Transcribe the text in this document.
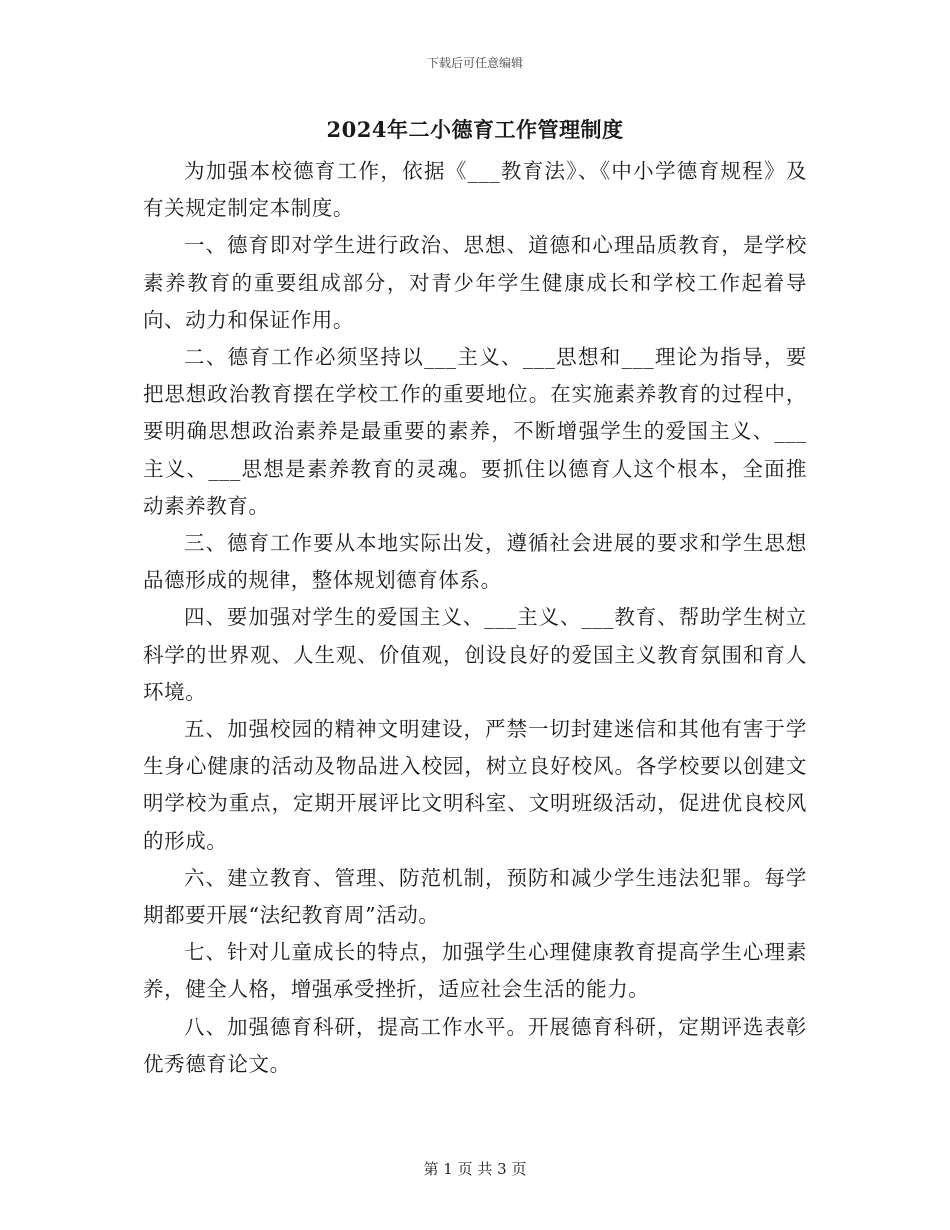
下载后可任意编辑
2024年二小德育工作管理制度

为加强本校德育工作，依据《___教育法》、《中小学德育规程》及有关规定制定本制度。

一、德育即对学生进行政治、思想、道德和心理品质教育，是学校素养教育的重要组成部分，对青少年学生健康成长和学校工作起着导向、动力和保证作用。

二、德育工作必须坚持以___主义、___思想和___理论为指导，要把思想政治教育摆在学校工作的重要地位。在实施素养教育的过程中，要明确思想政治素养是最重要的素养，不断增强学生的爱国主义、___主义、___思想是素养教育的灵魂。要抓住以德育人这个根本，全面推动素养教育。

三、德育工作要从本地实际出发，遵循社会进展的要求和学生思想品德形成的规律，整体规划德育体系。

四、要加强对学生的爱国主义、___主义、___教育、帮助学生树立科学的世界观、人生观、价值观，创设良好的爱国主义教育氛围和育人环境。

五、加强校园的精神文明建设，严禁一切封建迷信和其他有害于学生身心健康的活动及物品进入校园，树立良好校风。各学校要以创建文明学校为重点，定期开展评比文明科室、文明班级活动，促进优良校风的形成。

六、建立教育、管理、防范机制，预防和减少学生违法犯罪。每学期都要开展“法纪教育周”活动。

七、针对儿童成长的特点，加强学生心理健康教育提高学生心理素养，健全人格，增强承受挫折，适应社会生活的能力。

八、加强德育科研，提高工作水平。开展德育科研，定期评选表彰优秀德育论文。

第 1 页 共 3 页
